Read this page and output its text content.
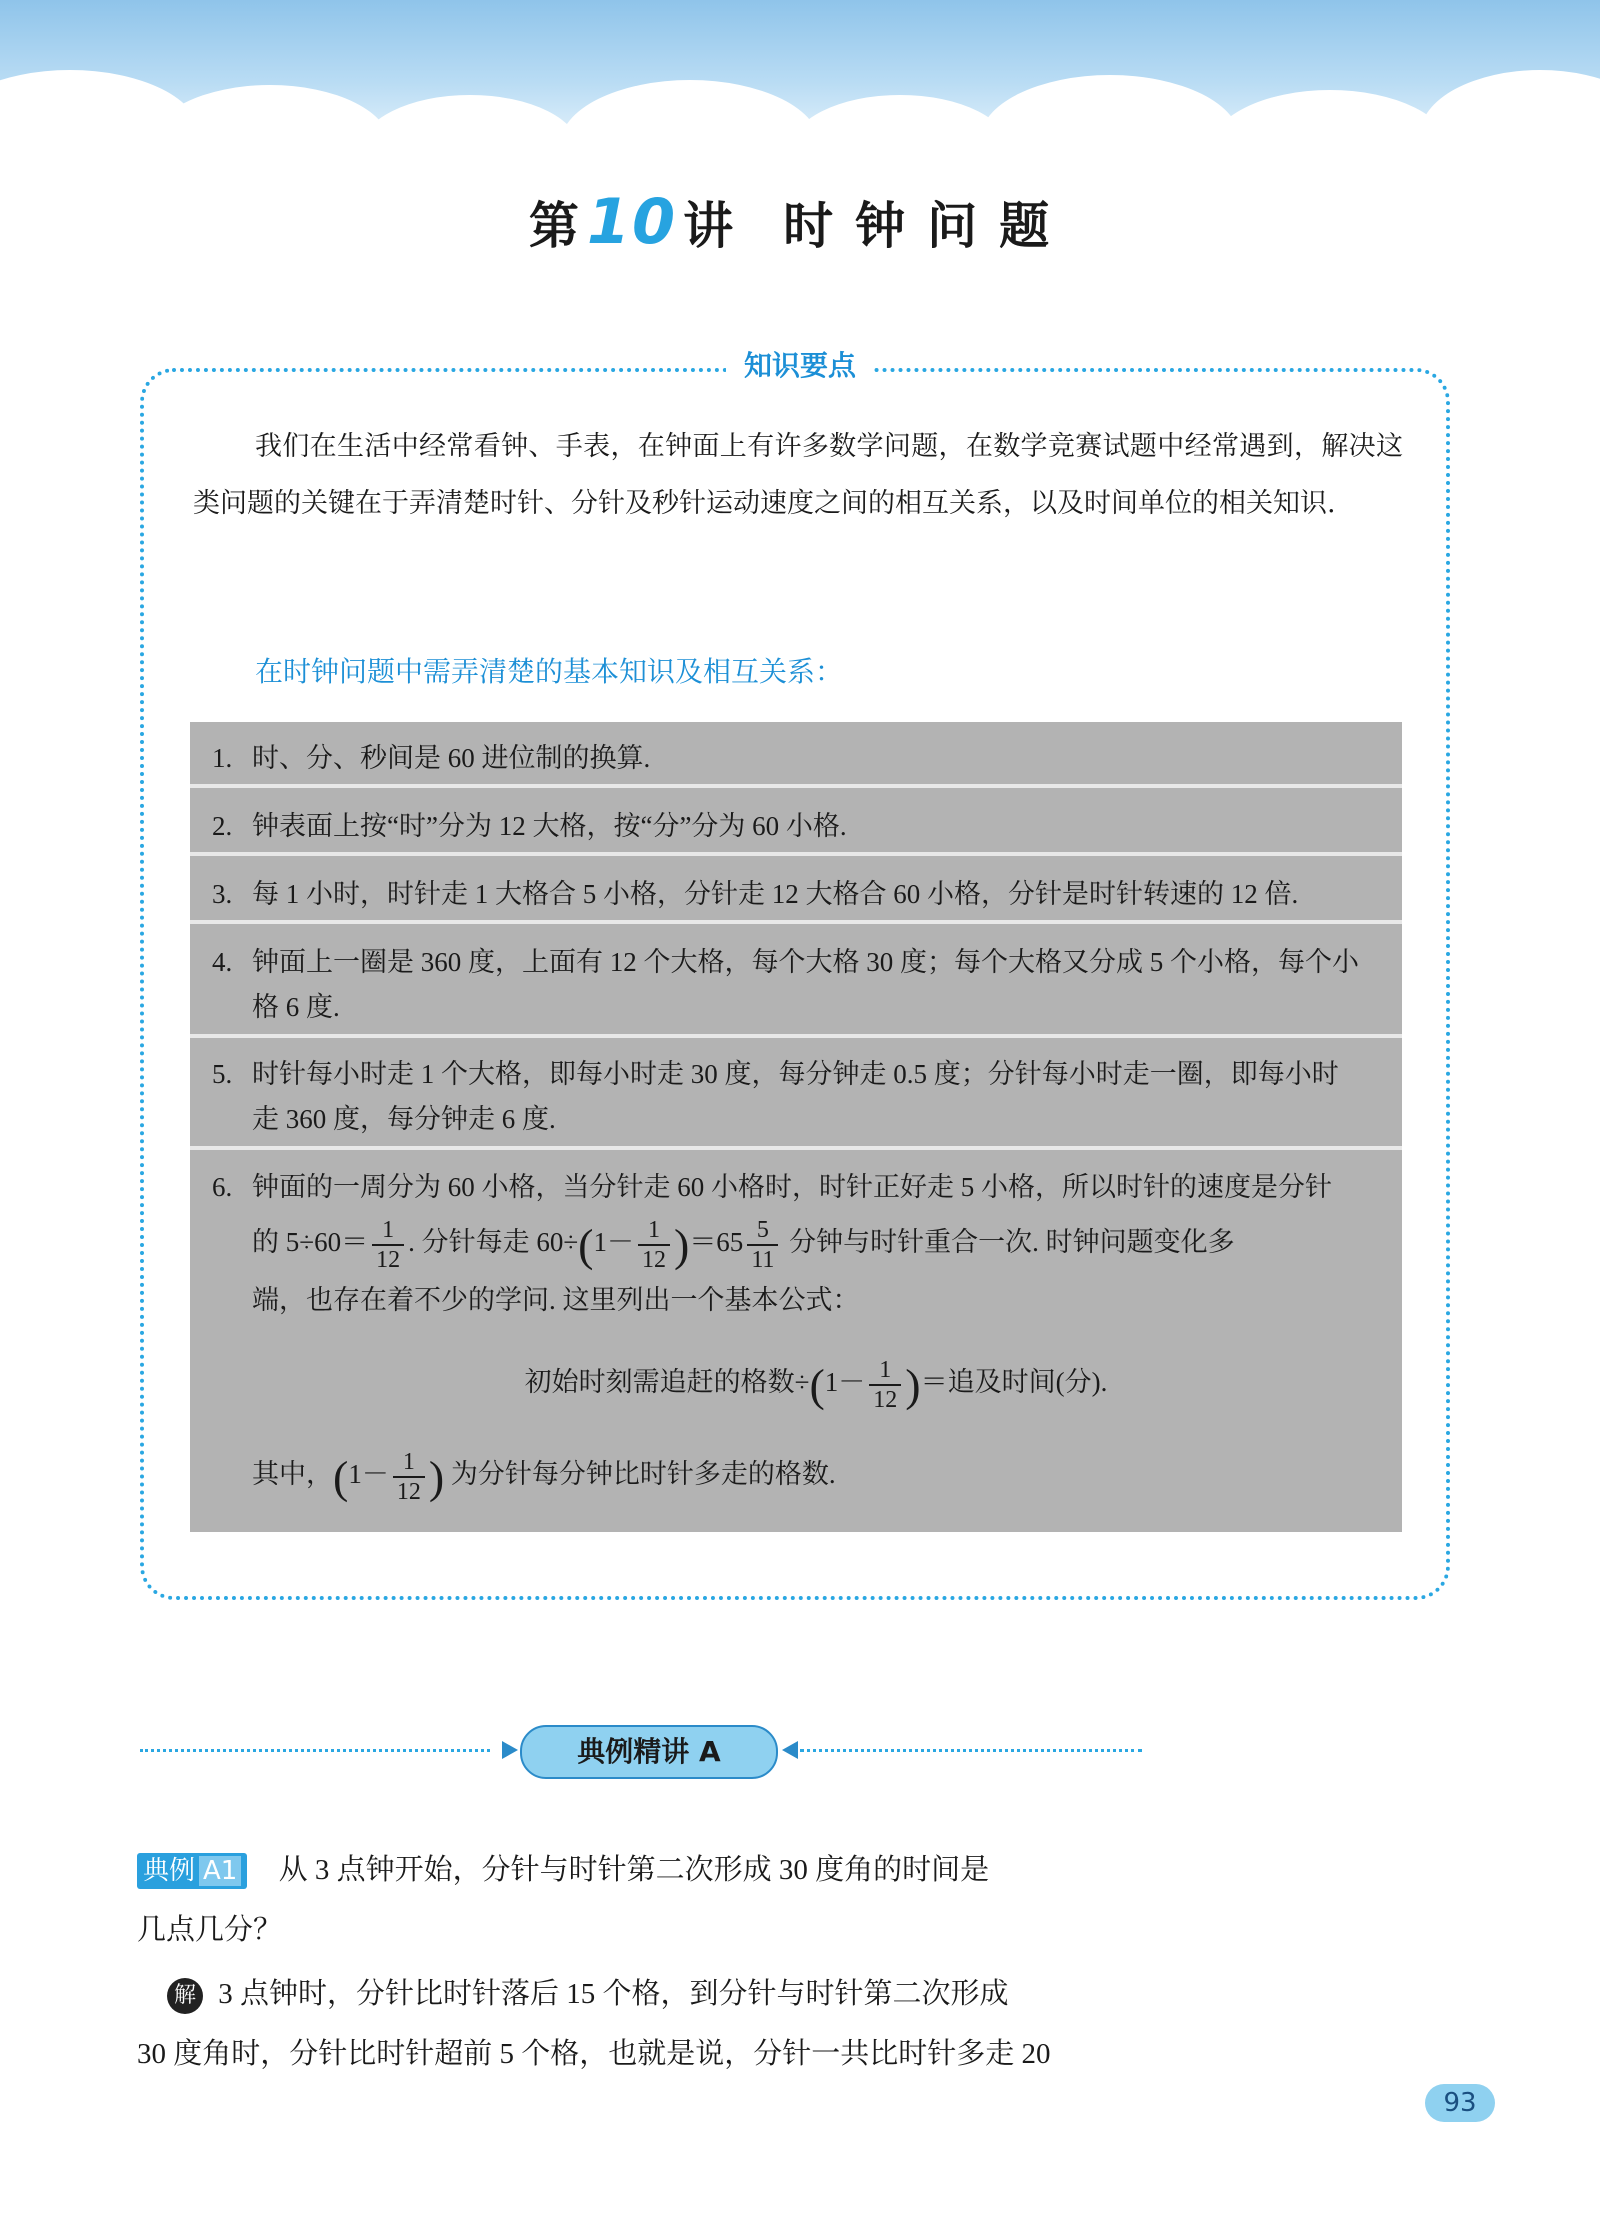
第10 讲 时钟问题
知识要点
我们在生活中经常看钟、手表，在钟面上有许多数学问题，在数学竞赛试题中经常遇到，解决这类问题的关键在于弄清楚时针、分针及秒针运动速度之间的相互关系，以及时间单位的相关知识.
在时钟问题中需弄清楚的基本知识及相互关系：
1. 时、分、秒间是 60 进位制的换算.
2. 钟表面上按“时”分为 12 大格，按“分”分为 60 小格.
3. 每 1 小时，时针走 1 大格合 5 小格，分针走 12 大格合 60 小格，分针是时针转速的 12 倍.
4. 钟面上一圈是 360 度，上面有 12 个大格，每个大格 30 度；每个大格又分成 5 个小格，每个小
格 6 度.
5. 时针每小时走 1 个大格，即每小时走 30 度，每分钟走 0.5 度；分针每小时走一圈，即每小时
走 360 度，每分钟走 6 度.
6. 钟面的一周分为 60 小格，当分针走 60 小格时，时针正好走 5 小格，所以时针的速度是分针
的 $5\div 60= \frac{1}{12}$ . 分针每走 $60\div(1- \frac{1}{12} )=65 \frac{5}{11}$ 分钟与时针重合一次. 时钟问题变化多
端，也存在着不少的学问. 这里列出一个基本公式：
初始时刻需追赶的格数$\div(1- \frac{1}{12}$ )＝追及时间(分).
其中，($1- \frac{1}{12}$ ) 为分针每分钟比时针多走的格数.
典例精讲 A
典例 A1 从 3 点钟开始，分针与时针第二次形成 30 度角的时间是
几点几分？
解 3 点钟时，分针比时针落后 15 个格，到分针与时针第二次形成
30 度角时，分针比时针超前 5 个格，也就是说，分针一共比时针多走 20
93
